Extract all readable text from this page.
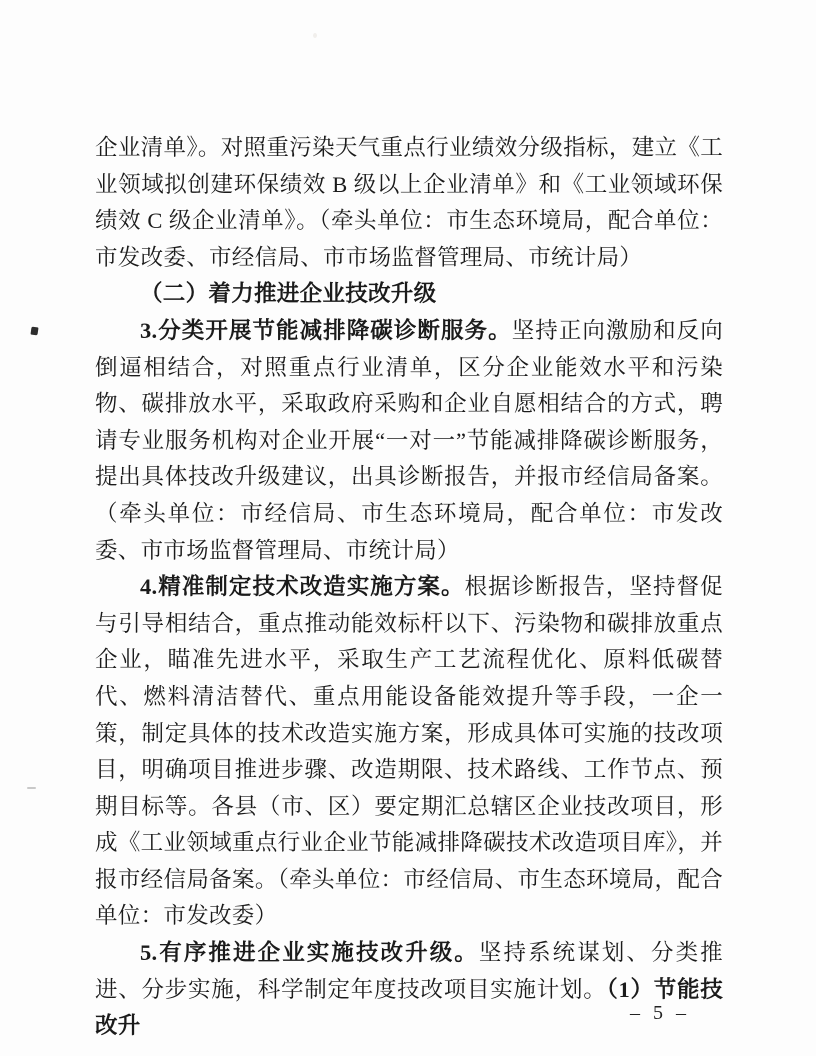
企业清单》。对照重污染天气重点行业绩效分级指标，建立《工业领域拟创建环保绩效 B 级以上企业清单》和《工业领域环保绩效 C 级企业清单》。（牵头单位：市生态环境局，配合单位：市发改委、市经信局、市市场监督管理局、市统计局）

（二）着力推进企业技改升级

3.分类开展节能减排降碳诊断服务。坚持正向激励和反向倒逼相结合，对照重点行业清单，区分企业能效水平和污染物、碳排放水平，采取政府采购和企业自愿相结合的方式，聘请专业服务机构对企业开展“一对一”节能减排降碳诊断服务，提出具体技改升级建议，出具诊断报告，并报市经信局备案。（牵头单位：市经信局、市生态环境局，配合单位：市发改委、市市场监督管理局、市统计局）

4.精准制定技术改造实施方案。根据诊断报告，坚持督促与引导相结合，重点推动能效标杆以下、污染物和碳排放重点企业，瞄准先进水平，采取生产工艺流程优化、原料低碳替代、燃料清洁替代、重点用能设备能效提升等手段，一企一策，制定具体的技术改造实施方案，形成具体可实施的技改项目，明确项目推进步骤、改造期限、技术路线、工作节点、预期目标等。各县（市、区）要定期汇总辖区企业技改项目，形成《工业领域重点行业企业节能减排降碳技术改造项目库》，并报市经信局备案。（牵头单位：市经信局、市生态环境局，配合单位：市发改委）

5.有序推进企业实施技改升级。坚持系统谋划、分类推进、分步实施，科学制定年度技改项目实施计划。（1）节能技改升

– 5 –
